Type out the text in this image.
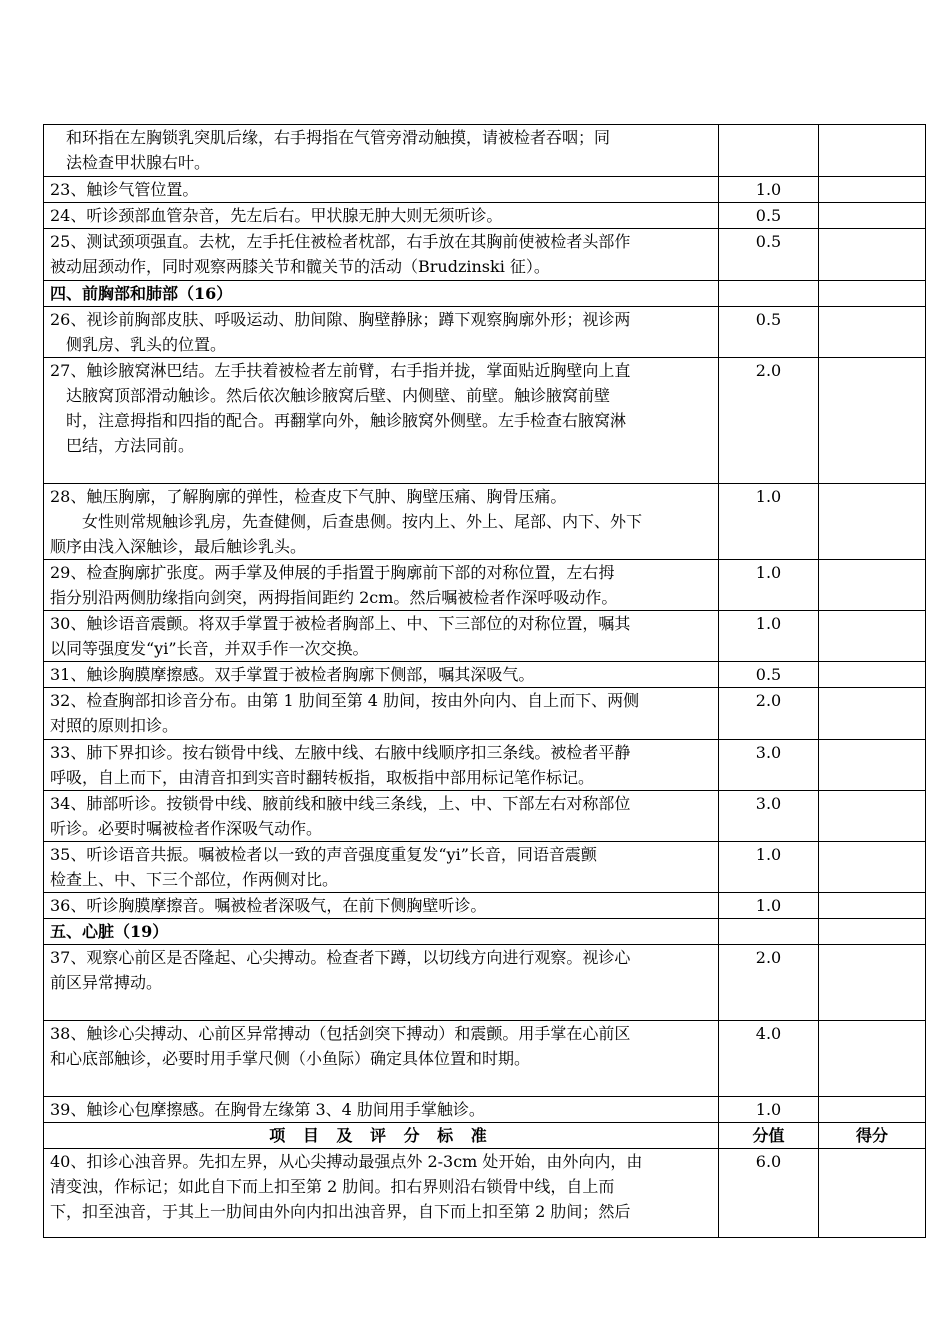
和环指在左胸锁乳突肌后缘，右手拇指在气管旁滑动触摸，请被检者吞咽；同
法检查甲状腺右叶。		

23、触诊气管位置。	1.0	

24、听诊颈部血管杂音，先左后右。甲状腺无肿大则无须听诊。	0.5	

25、测试颈项强直。去枕，左手托住被检者枕部，右手放在其胸前使被检者头部作
被动屈颈动作，同时观察两膝关节和髋关节的活动（Brudzinski 征）。	0.5	

四、前胸部和肺部（16）		

26、视诊前胸部皮肤、呼吸运动、肋间隙、胸壁静脉；蹲下观察胸廓外形；视诊两
侧乳房、乳头的位置。	0.5	

27、触诊腋窝淋巴结。左手扶着被检者左前臂，右手指并拢，掌面贴近胸壁向上直
达腋窝顶部滑动触诊。然后依次触诊腋窝后壁、内侧壁、前壁。触诊腋窝前壁
时，注意拇指和四指的配合。再翻掌向外，触诊腋窝外侧壁。左手检查右腋窝淋
巴结，方法同前。	2.0	

28、触压胸廓，了解胸廓的弹性，检查皮下气肿、胸壁压痛、胸骨压痛。
女性则常规触诊乳房，先查健侧，后查患侧。按内上、外上、尾部、内下、外下
顺序由浅入深触诊，最后触诊乳头。	1.0	

29、检查胸廓扩张度。两手掌及伸展的手指置于胸廓前下部的对称位置，左右拇
指分别沿两侧肋缘指向剑突，两拇指间距约 2cm。然后嘱被检者作深呼吸动作。	1.0	

30、触诊语音震颤。将双手掌置于被检者胸部上、中、下三部位的对称位置，嘱其
以同等强度发“yi”长音，并双手作一次交换。	1.0	

31、触诊胸膜摩擦感。双手掌置于被检者胸廓下侧部，嘱其深吸气。	0.5	

32、检查胸部扣诊音分布。由第 1 肋间至第 4 肋间，按由外向内、自上而下、两侧
对照的原则扣诊。	2.0	

33、肺下界扣诊。按右锁骨中线、左腋中线、右腋中线顺序扣三条线。被检者平静
呼吸，自上而下，由清音扣到实音时翻转板指，取板指中部用标记笔作标记。	3.0	

34、肺部听诊。按锁骨中线、腋前线和腋中线三条线，上、中、下部左右对称部位
听诊。必要时嘱被检者作深吸气动作。	3.0	

35、听诊语音共振。嘱被检者以一致的声音强度重复发“yi”长音，同语音震颤
检查上、中、下三个部位，作两侧对比。	1.0	

36、听诊胸膜摩擦音。嘱被检者深吸气，在前下侧胸壁听诊。	1.0	

五、心脏（19）		

37、观察心前区是否隆起、心尖搏动。检查者下蹲，以切线方向进行观察。视诊心
前区异常搏动。	2.0	

38、触诊心尖搏动、心前区异常搏动（包括剑突下搏动）和震颤。用手掌在心前区
和心底部触诊，必要时用手掌尺侧（小鱼际）确定具体位置和时期。	4.0	

39、触诊心包摩擦感。在胸骨左缘第 3、4 肋间用手掌触诊。	1.0	

项 目 及 评 分 标 准	分值	得分

40、扣诊心浊音界。先扣左界，从心尖搏动最强点外 2-3cm 处开始，由外向内，由
清变浊，作标记；如此自下而上扣至第 2 肋间。扣右界则沿右锁骨中线，自上而
下，扣至浊音，于其上一肋间由外向内扣出浊音界，自下而上扣至第 2 肋间；然后	6.0	
